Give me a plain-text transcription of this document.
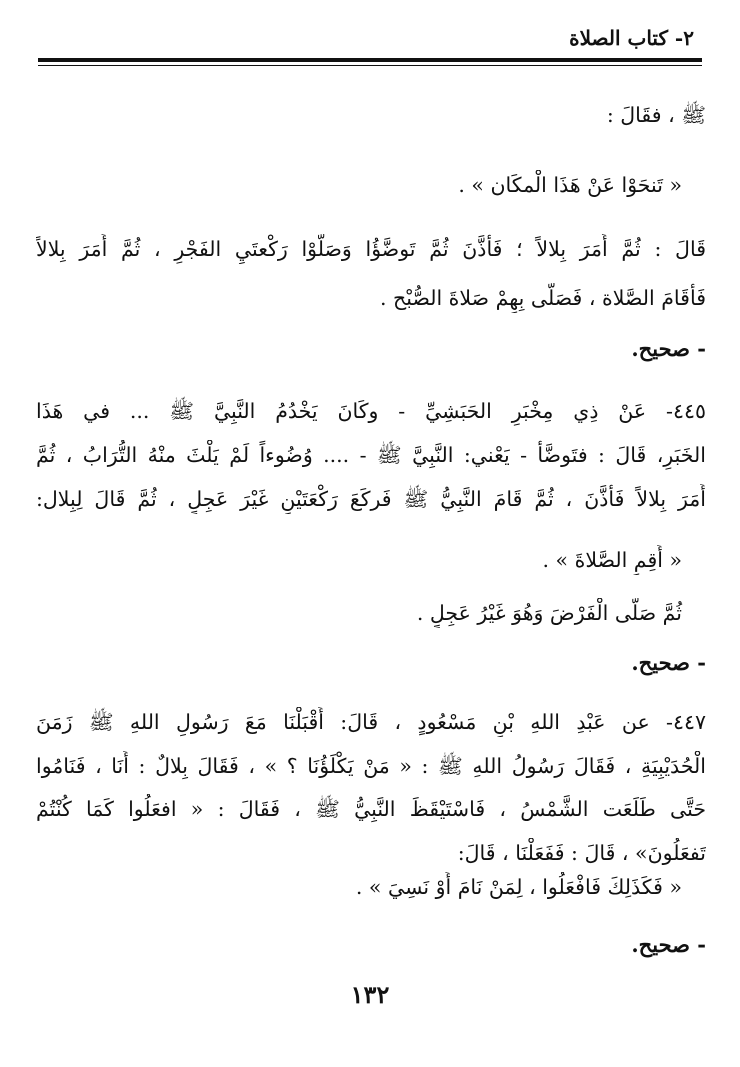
٢- كتاب الصلاة
ﷺ ، فقَالَ :
« تَنحَوْا عَنْ هَذَا الْمكَان » .
قَالَ : ثُمَّ أَمَرَ بِلالاً ؛ فَأَذَّنَ ثُمَّ تَوضَّؤُا وَصَلَّوْا رَكْعتَيِ الفَجْرِ ، ثُمَّ أَمَرَ بِلالاً
فَأَقَامَ الصَّلاة ، فَصَلَّى بِهِمْ صَلاةَ الصُّبْح .
- صحيح.
٤٤٥- عَنْ ذِي مِخْبَرِ الحَبَشِيِّ - وكَانَ يَخْدُمُ النَّبِيَّ ﷺ ... في هَذَا
الخَبَرِ، قَالَ : فتَوضَّأَ - يَعْني: النَّبِيَّ ﷺ - .... وُضُوءاً لَمْ يَلْثَ منْهُ التُّرَابُ ، ثُمَّ
أَمَرَ بِلالاً فَأَذَّنَ ، ثُمَّ قَامَ النَّبِيُّ ﷺ فَركَعَ رَكْعَتَيْنِ غَيْرَ عَجِلٍ ، ثُمَّ قَالَ لِبِلال:
« أَقِمِ الصَّلاةَ » .
ثُمَّ صَلَّى الْفَرْضَ وَهُوَ غَيْرُ عَجِلٍ .
- صحيح.
٤٤٧- عن عَبْدِ اللهِ بْنِ مَسْعُودٍ ، قَالَ: أَقْبَلْنَا مَعَ رَسُولِ اللهِ ﷺ زَمَنَ
الْحُدَيْبِيَةِ ، فَقَالَ رَسُولُ اللهِ ﷺ : « مَنْ يَكْلَؤُنَا ؟ » ، فَقَالَ بِلالٌ : أَنَا ، فَنَامُوا
حَتَّى طَلَعَت الشَّمْسُ ، فَاسْتَيْقَظَ النَّبِيُّ ﷺ ، فَقَالَ : « افعَلُوا كَمَا كُنْتُمْ
تَفعَلُونَ» ، قَالَ : فَفَعَلْنَا ، قَالَ:
« فَكَذَلِكَ فَافْعَلُوا ، لِمَنْ نَامَ أَوْ نَسِيَ » .
- صحيح.
١٣٢
